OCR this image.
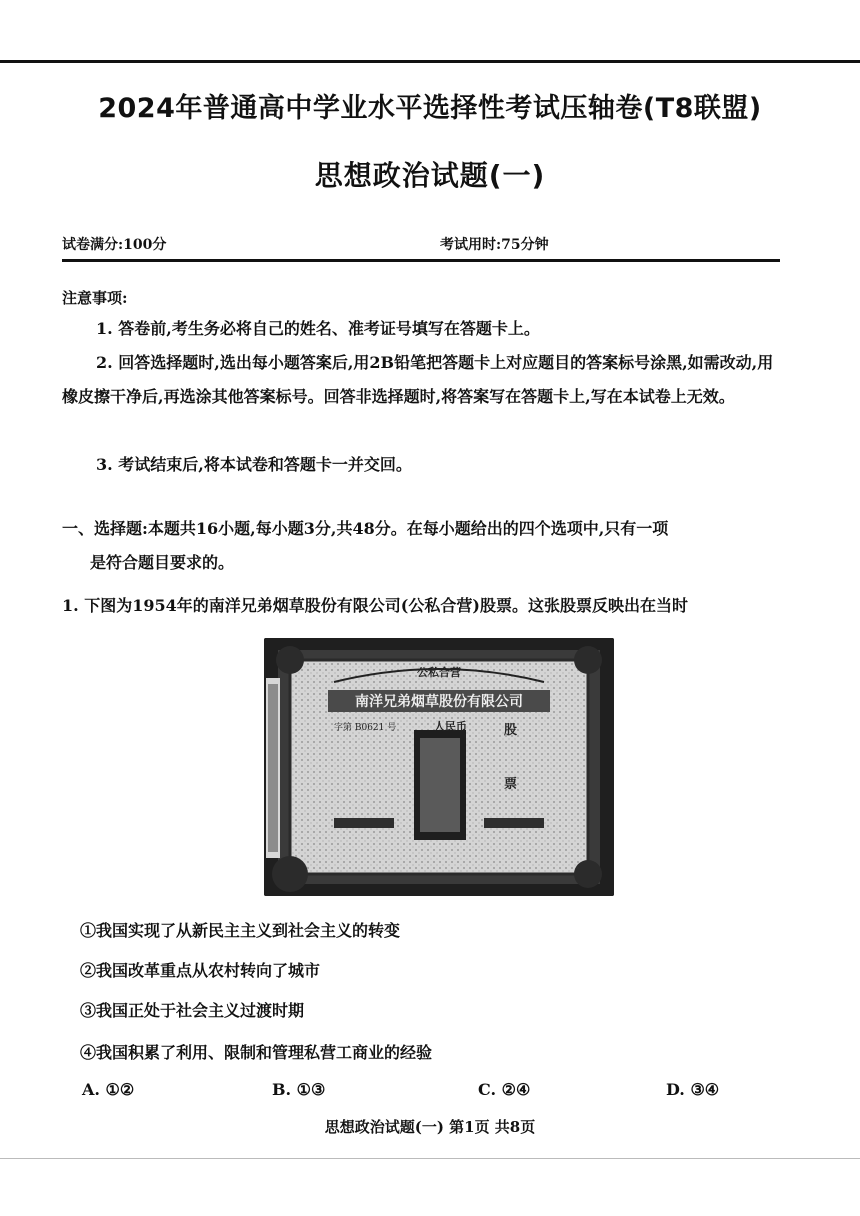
2024年普通高中学业水平选择性考试压轴卷(T8联盟)
思想政治试题(一)
试卷满分:100分	考试用时:75分钟
注意事项:
1. 答卷前,考生务必将自己的姓名、准考证号填写在答题卡上。
2. 回答选择题时,选出每小题答案后,用2B铅笔把答题卡上对应题目的答案标号涂黑,如需改动,用橡皮擦干净后,再选涂其他答案标号。回答非选择题时,将答案写在答题卡上,写在本试卷上无效。
3. 考试结束后,将本试卷和答题卡一并交回。
一、选择题:本题共16小题,每小题3分,共48分。在每小题给出的四个选项中,只有一项
是符合题目要求的。
1. 下图为1954年的南洋兄弟烟草股份有限公司(公私合营)股票。这张股票反映出在当时
公私合营
南洋兄弟烟草股份有限公司
字第 B0621 号	人民币	股
票
①我国实现了从新民主主义到社会主义的转变
②我国改革重点从农村转向了城市
③我国正处于社会主义过渡时期
④我国积累了利用、限制和管理私营工商业的经验
A. ①②	B. ①③	C. ②④	D. ③④
思想政治试题(一) 第1页 共8页
